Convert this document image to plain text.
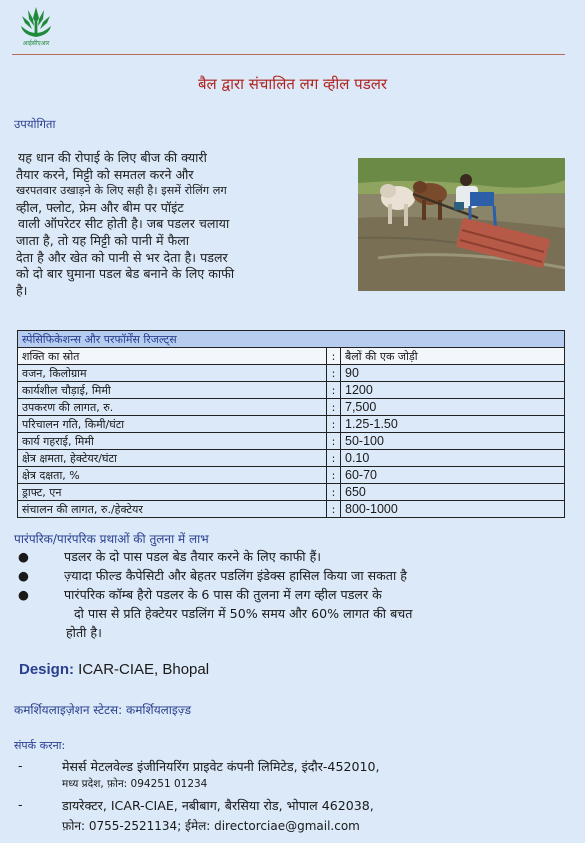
आईसीएआर
बैल द्वारा संचालित लग व्हील पडलर
उपयोगिता
यह धान की रोपाई के लिए बीज की क्यारी
तैयार करने, मिट्टी को समतल करने और
खरपतवार उखाड़ने के लिए सही है। इसमें रोलिंग लग
व्हील, फ्लोट, फ्रेम और बीम पर पॉइंट
वाली ऑपरेटर सीट होती है। जब पडलर चलाया
जाता है, तो यह मिट्टी को पानी में फैला
देता है और खेत को पानी से भर देता है। पडलर
को दो बार घुमाना पडल बेड बनाने के लिए काफी
है।
स्पेसिफिकेशन्स और परफॉर्मेंस रिजल्ट्स		
शक्ति का स्रोत	:	बैलों की एक जोड़ी
वजन, किलोग्राम	:	90
कार्यशील चौड़ाई, मिमी	:	1200
उपकरण की लागत, रु.	:	7,500
परिचालन गति, किमी/घंटा	:	1.25-1.50
कार्य गहराई, मिमी	:	50-100
क्षेत्र क्षमता, हेक्टेयर/घंटा	:	0.10
क्षेत्र दक्षता, %	:	60-70
ड्राफ्ट, एन	:	650
संचालन की लागत, रु./हेक्टेयर	:	800-1000
पारंपरिक/पारंपरिक प्रथाओं की तुलना में लाभ
●	पडलर के दो पास पडल बेड तैयार करने के लिए काफी हैं।
●	ज़्यादा फील्ड कैपेसिटी और बेहतर पडलिंग इंडेक्स हासिल किया जा सकता है
●	पारंपरिक कॉम्ब हैरो पडलर के 6 पास की तुलना में लग व्हील पडलर के
दो पास से प्रति हेक्टेयर पडलिंग में 50% समय और 60% लागत की बचत
होती है।
Design: ICAR-CIAE, Bhopal
कमर्शियलाइज़ेशन स्टेटस: कमर्शियलाइज़्ड
संपर्क करना:
-	मेसर्स मेटलवेल्ड इंजीनियरिंग प्राइवेट कंपनी लिमिटेड, इंदौर-452010,
मध्य प्रदेश, फ़ोन: 094251 01234
-	डायरेक्टर, ICAR-CIAE, नबीबाग, बैरसिया रोड, भोपाल 462038,
फ़ोन: 0755-2521134; ईमेल: directorciae@gmail.com
